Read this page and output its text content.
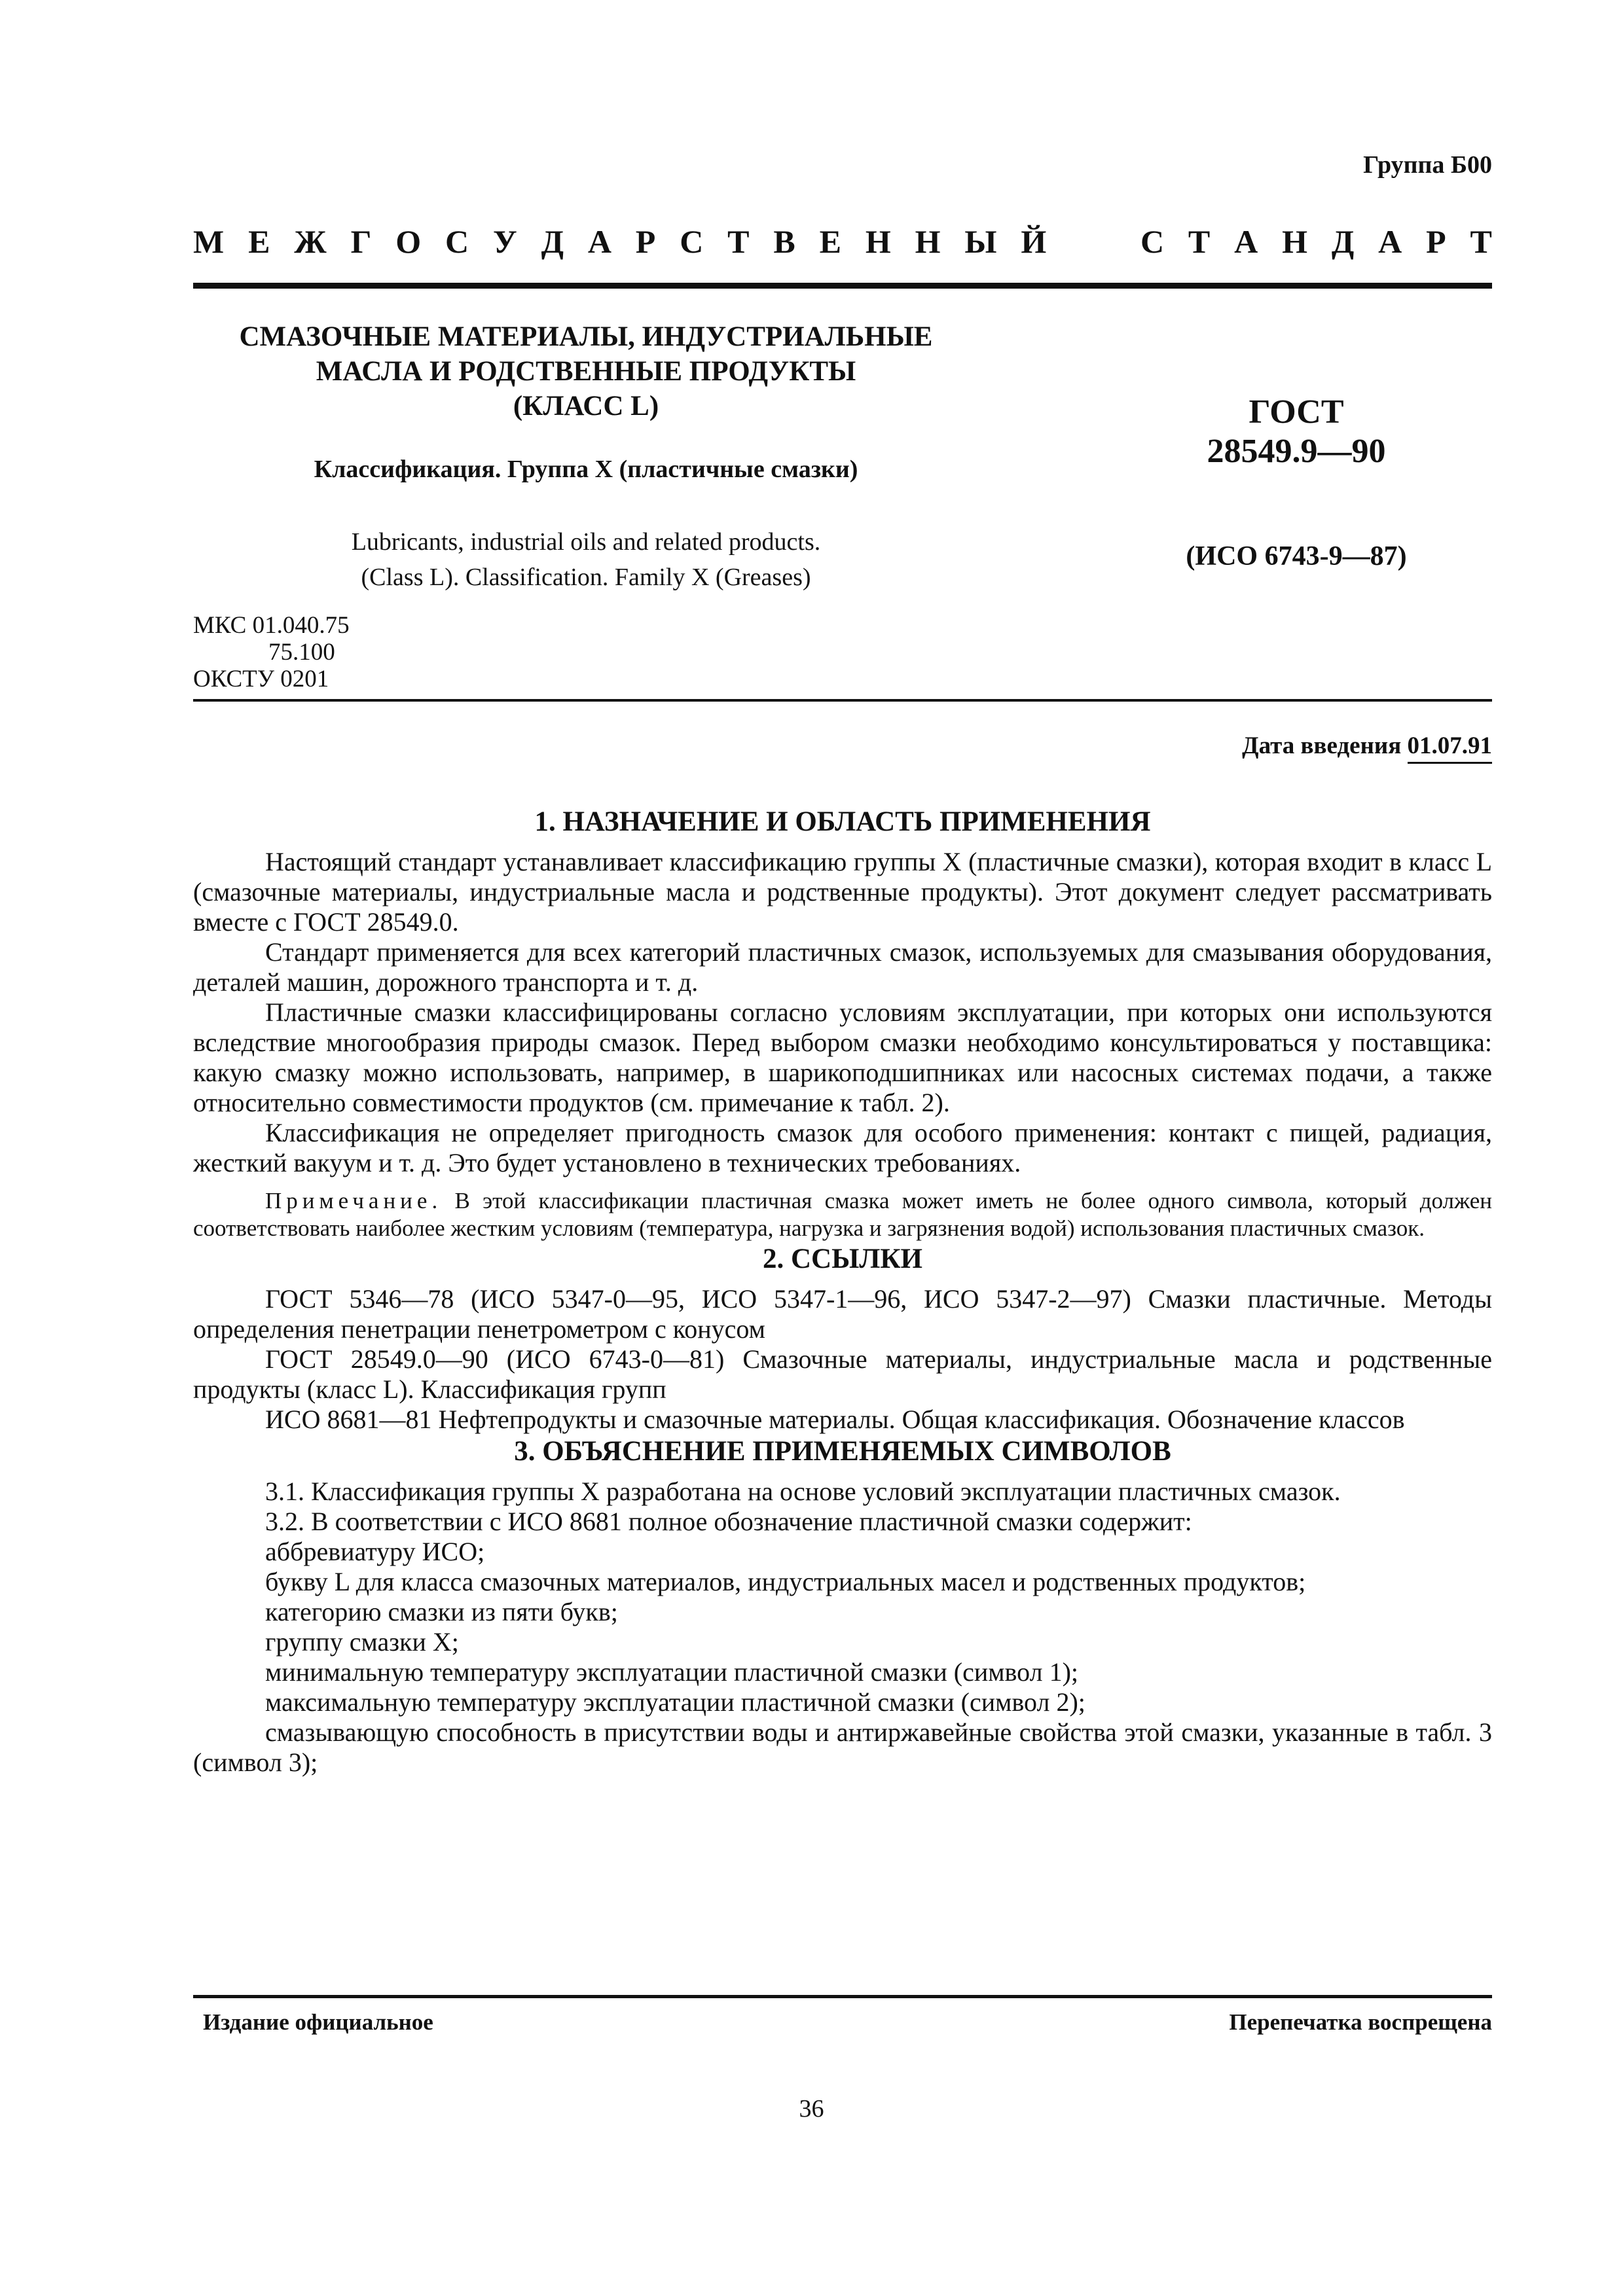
Группа Б00
М Е Ж Г О С У Д А Р С Т В Е Н Н Ы Й	С Т А Н Д А Р Т
СМАЗОЧНЫЕ МАТЕРИАЛЫ, ИНДУСТРИАЛЬНЫЕ
МАСЛА И РОДСТВЕННЫЕ ПРОДУКТЫ
(КЛАСС L)
Классификация. Группа X (пластичные смазки)
Lubricants, industrial oils and related products.
(Class L). Classification. Family X (Greases)
ГОСТ
28549.9—90
(ИСО 6743-9—87)
МКС 01.040.75
75.100
ОКСТУ 0201
Дата введения 01.07.91
1. НАЗНАЧЕНИЕ И ОБЛАСТЬ ПРИМЕНЕНИЯ

Настоящий стандарт устанавливает классификацию группы X (пластичные смазки), которая входит в класс L (смазочные материалы, индустриальные масла и родственные продукты). Этот документ следует рассматривать вместе с ГОСТ 28549.0.

Стандарт применяется для всех категорий пластичных смазок, используемых для смазывания оборудования, деталей машин, дорожного транспорта и т. д.

Пластичные смазки классифицированы согласно условиям эксплуатации, при которых они используются вследствие многообразия природы смазок. Перед выбором смазки необходимо консультироваться у поставщика: какую смазку можно использовать, например, в шарикоподшипниках или насосных системах подачи, а также относительно совместимости продуктов (см. примечание к табл. 2).

Классификация не определяет пригодность смазок для особого применения: контакт с пищей, радиация, жесткий вакуум и т. д. Это будет установлено в технических требованиях.

Примечание. В этой классификации пластичная смазка может иметь не более одного символа, который должен соответствовать наиболее жестким условиям (температура, нагрузка и загрязнения водой) использования пластичных смазок.

2. ССЫЛКИ

ГОСТ 5346—78 (ИСО 5347-0—95, ИСО 5347-1—96, ИСО 5347-2—97) Смазки пластичные. Методы определения пенетрации пенетрометром с конусом

ГОСТ 28549.0—90 (ИСО 6743-0—81) Смазочные материалы, индустриальные масла и родственные продукты (класс L). Классификация групп

ИСО 8681—81 Нефтепродукты и смазочные материалы. Общая классификация. Обозначение классов

3. ОБЪЯСНЕНИЕ ПРИМЕНЯЕМЫХ СИМВОЛОВ

3.1. Классификация группы X разработана на основе условий эксплуатации пластичных смазок.

3.2. В соответствии с ИСО 8681 полное обозначение пластичной смазки содержит:

аббревиатуру ИСО;

букву L для класса смазочных материалов, индустриальных масел и родственных продуктов;

категорию смазки из пяти букв;

группу смазки X;

минимальную температуру эксплуатации пластичной смазки (символ 1);

максимальную температуру эксплуатации пластичной смазки (символ 2);

смазывающую способность в присутствии воды и антиржавейные свойства этой смазки, указанные в табл. 3 (символ 3);

Издание официальное	Перепечатка воспрещена
36
